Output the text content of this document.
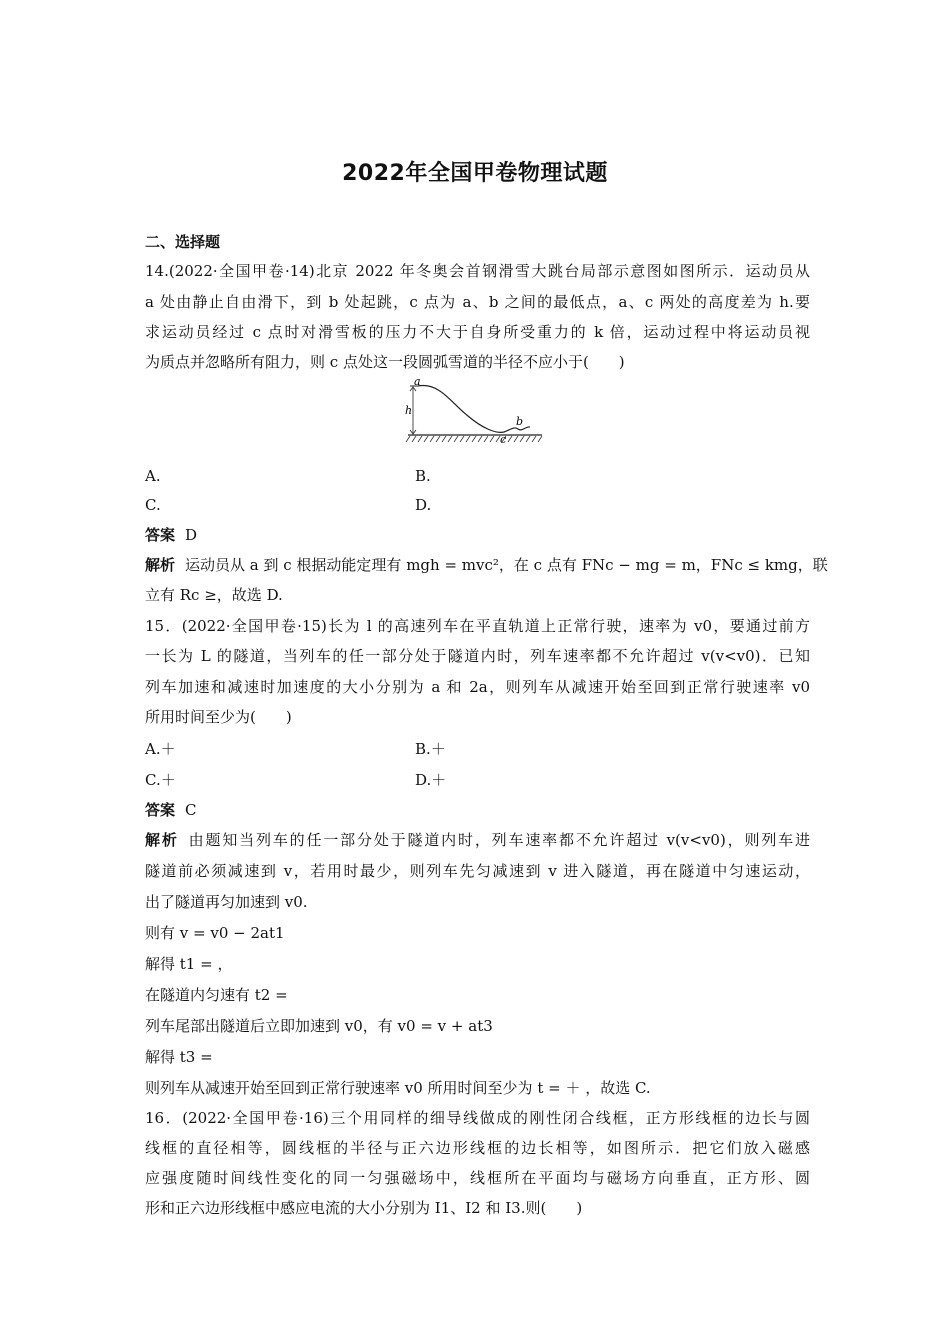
2022年全国甲卷物理试题
二、选择题
14.(2022·全国甲卷·14)北京 2022 年冬奥会首钢滑雪大跳台局部示意图如图所示．运动员从
a 处由静止自由滑下，到 b 处起跳，c 点为 a、b 之间的最低点，a、c 两处的高度差为 h.要
求运动员经过 c 点时对滑雪板的压力不大于自身所受重力的 k 倍，运动过程中将运动员视
为质点并忽略所有阻力，则 c 点处这一段圆弧雪道的半径不应小于(　　)
a
h
b
c
A.	B.
C.	D.
答案 D
解析 运动员从 a 到 c 根据动能定理有 mgh = mvc²，在 c 点有 FNc − mg = m，FNc ≤ kmg，联
立有 Rc ≥，故选 D.
15．(2022·全国甲卷·15)长为 l 的高速列车在平直轨道上正常行驶，速率为 v0，要通过前方
一长为 L 的隧道，当列车的任一部分处于隧道内时，列车速率都不允许超过 v(v<v0)．已知
列车加速和减速时加速度的大小分别为 a 和 2a，则列车从减速开始至回到正常行驶速率 v0
所用时间至少为(　　)
A.＋	B.＋
C.＋	D.＋
答案 C
解析 由题知当列车的任一部分处于隧道内时，列车速率都不允许超过 v(v<v0)，则列车进
隧道前必须减速到 v，若用时最少，则列车先匀减速到 v 进入隧道，再在隧道中匀速运动，
出了隧道再匀加速到 v0.
则有 v = v0 − 2at1
解得 t1 = ，
在隧道内匀速有 t2 =
列车尾部出隧道后立即加速到 v0，有 v0 = v + at3
解得 t3 =
则列车从减速开始至回到正常行驶速率 v0 所用时间至少为 t = ＋ ，故选 C.
16．(2022·全国甲卷·16)三个用同样的细导线做成的刚性闭合线框，正方形线框的边长与圆
线框的直径相等，圆线框的半径与正六边形线框的边长相等，如图所示．把它们放入磁感
应强度随时间线性变化的同一匀强磁场中，线框所在平面均与磁场方向垂直，正方形、圆
形和正六边形线框中感应电流的大小分别为 I1、I2 和 I3.则(　　)
